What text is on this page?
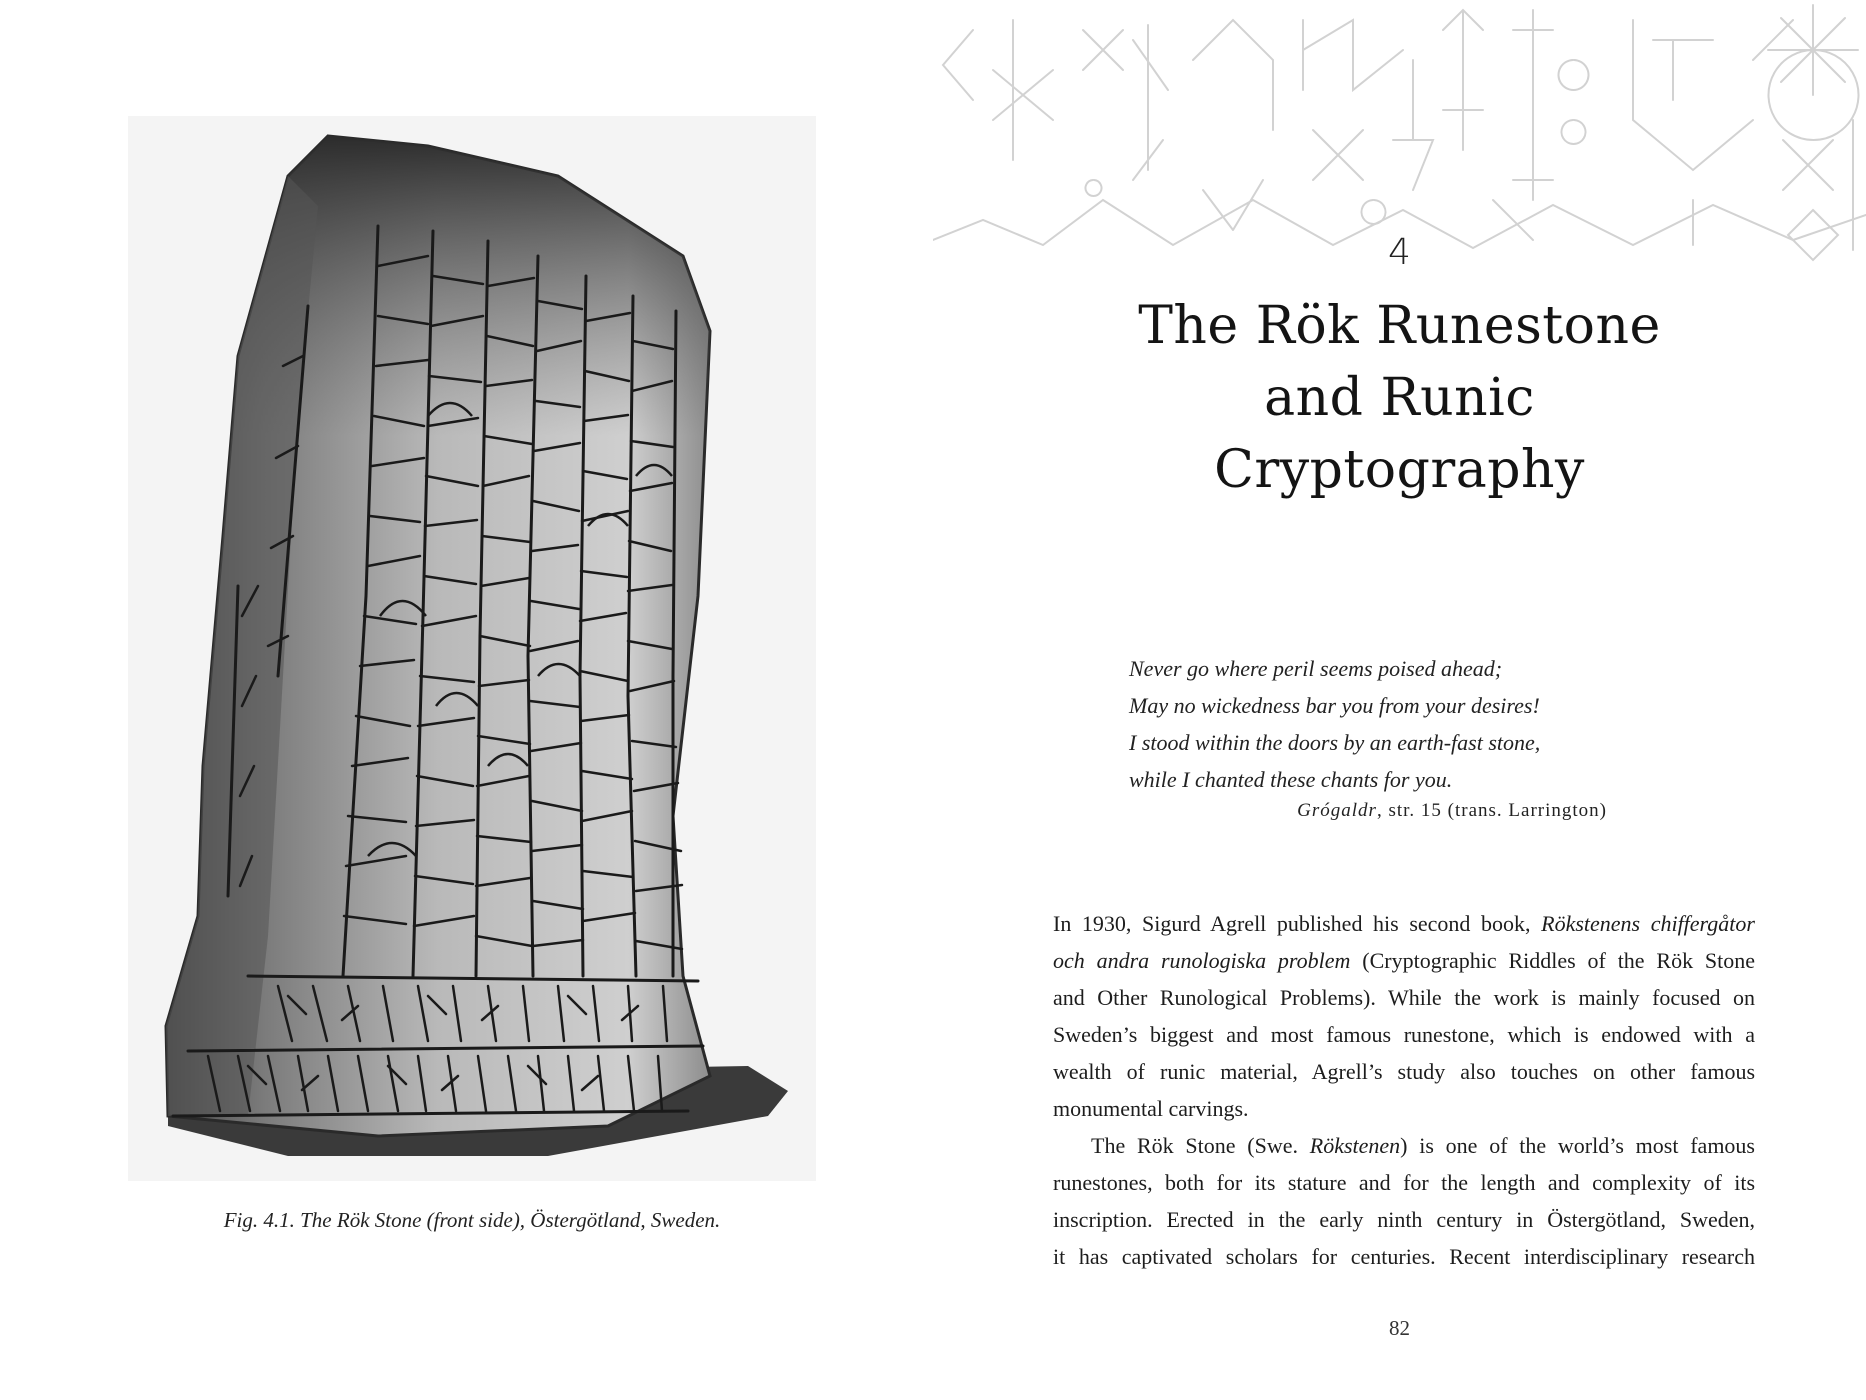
Fig. 4.1. The Rök Stone (front side), Östergötland, Sweden.
4
The Rök Runestone
and Runic
Cryptography
Never go where peril seems poised ahead;
May no wickedness bar you from your desires!
I stood within the doors by an earth-fast stone,
while I chanted these chants for you.
Grógaldr, str. 15 (trans. Larrington)
In 1930, Sigurd Agrell published his second book, Rökstenens chiffergåtor
och andra runologiska problem (Cryptographic Riddles of the Rök Stone
and Other Runological Problems). While the work is mainly focused on
Sweden’s biggest and most famous runestone, which is endowed with a
wealth of runic material, Agrell’s study also touches on other famous
monumental carvings.
The Rök Stone (Swe. Rökstenen) is one of the world’s most famous
runestones, both for its stature and for the length and complexity of its
inscription. Erected in the early ninth century in Östergötland, Sweden,
it has captivated scholars for centuries. Recent interdisciplinary research
82
